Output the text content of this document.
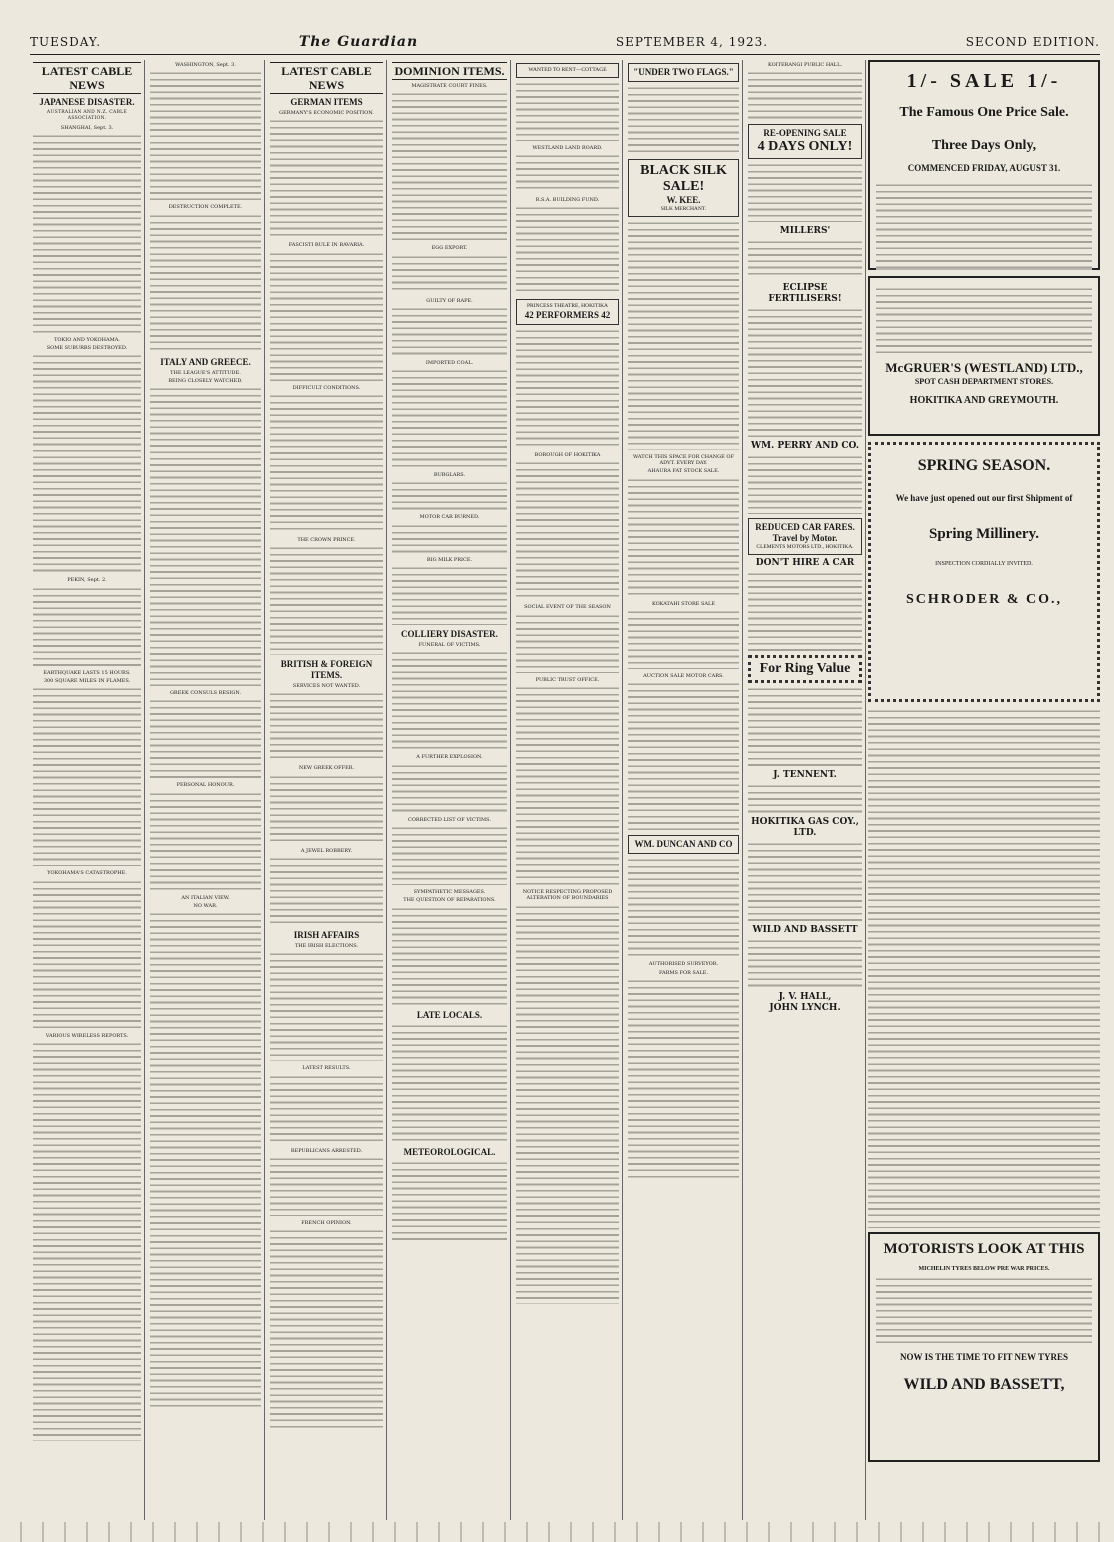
TUESDAY.	The Guardian	SEPTEMBER 4, 1923.	SECOND EDITION.
LATEST CABLE NEWS
JAPANESE DISASTER.
AUSTRALIAN AND N.Z. CABLE ASSOCIATION.
SHANGHAI, Sept. 3.
TOKIO AND YOKOHAMA.
SOME SUBURBS DESTROYED.
PEKIN, Sept. 2.
EARTHQUAKE LASTS 15 HOURS.
300 SQUARE MILES IN FLAMES.
YOKOHAMA'S CATASTROPHE.
VARIOUS WIRELESS REPORTS.
WASHINGTON, Sept. 3.
DESTRUCTION COMPLETE.
ITALY AND GREECE.
THE LEAGUE'S ATTITUDE.
BEING CLOSELY WATCHED.
GREEK CONSULS RESIGN.
PERSONAL HONOUR.
AN ITALIAN VIEW.
NO WAR.
LATEST CABLE NEWS
GERMAN ITEMS
GERMANY'S ECONOMIC POSITION.
FASCISTI RULE IN BAVARIA.
DIFFICULT CONDITIONS.
THE CROWN PRINCE.
BRITISH & FOREIGN ITEMS.
SERVICES NOT WANTED.
NEW GREEK OFFER.
A JEWEL ROBBERY.
IRISH AFFAIRS
THE IRISH ELECTIONS.
LATEST RESULTS.
REPUBLICANS ARRESTED.
FRENCH OPINION.
DOMINION ITEMS.
MAGISTRATE COURT FINES.
EGG EXPORT.
GUILTY OF RAPE.
IMPORTED COAL.
BURGLARS.
MOTOR CAR BURNED.
BIG MILK PRICE.
COLLIERY DISASTER.
FUNERAL OF VICTIMS.
A FURTHER EXPLOSION.
CORRECTED LIST OF VICTIMS.
SYMPATHETIC MESSAGES.
THE QUESTION OF REPARATIONS.
LATE LOCALS.
METEOROLOGICAL.
WANTED TO RENT—COTTAGE
WESTLAND LAND BOARD.
R.S.A. BUILDING FUND.
PRINCESS THEATRE, HOKITIKA
42 PERFORMERS 42
BOROUGH OF HOKITIKA
SOCIAL EVENT OF THE SEASON
PUBLIC TRUST OFFICE.
NOTICE RESPECTING PROPOSED ALTERATION OF BOUNDARIES
"UNDER TWO FLAGS."
BLACK SILK SALE!
W. KEE.
SILK MERCHANT.
WATCH THIS SPACE FOR CHANGE OF ADVT. EVERY DAY.
AHAURA FAT STOCK SALE.
KOKATAHI STORE SALE
AUCTION SALE MOTOR CARS.
WM. DUNCAN AND CO
AUTHORISED SURVEYOR.
FARMS FOR SALE.
KOITERANGI PUBLIC HALL.
RE-OPENING SALE
4 DAYS ONLY!
MILLERS'
ECLIPSE FERTILISERS!
WM. PERRY AND CO.
REDUCED CAR FARES.
Travel by Motor.
CLEMENTS MOTORS LTD., HOKITIKA.
DON'T HIRE A CAR
For Ring Value
J. TENNENT.
HOKITIKA GAS COY., LTD.
WILD AND BASSETT
J. V. HALL,
JOHN LYNCH.
1/- SALE 1/-
The Famous One Price Sale.
Three Days Only,
COMMENCED FRIDAY, AUGUST 31.
McGRUER'S (WESTLAND) LTD.,
SPOT CASH DEPARTMENT STORES.
HOKITIKA AND GREYMOUTH.
SPRING SEASON.
We have just opened out our first Shipment of
Spring Millinery.
INSPECTION CORDIALLY INVITED.
SCHRODER & CO.,
MOTORISTS LOOK AT THIS
MICHELIN TYRES BELOW PRE WAR PRICES.
NOW IS THE TIME TO FIT NEW TYRES
WILD AND BASSETT,
